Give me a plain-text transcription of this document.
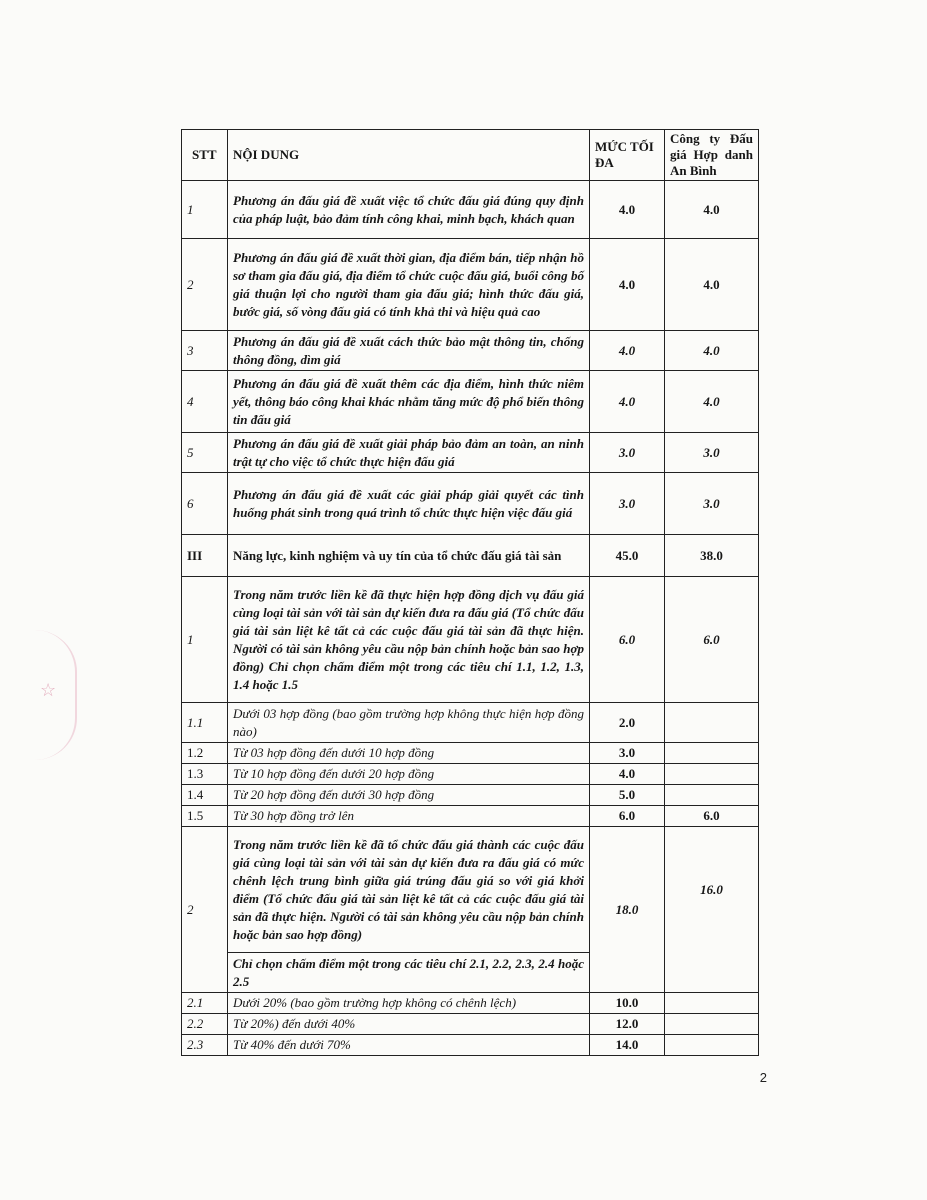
☆
STT	NỘI DUNG	MỨC TỐI ĐA	Công ty Đấu giá Hợp danh An Bình
1	Phương án đấu giá đề xuất việc tổ chức đấu giá đúng quy định của pháp luật, bảo đảm tính công khai, minh bạch, khách quan	4.0	4.0
2	Phương án đấu giá đề xuất thời gian, địa điểm bán, tiếp nhận hồ sơ tham gia đấu giá, địa điểm tổ chức cuộc đấu giá, buổi công bố giá thuận lợi cho người tham gia đấu giá; hình thức đấu giá, bước giá, số vòng đấu giá có tính khả thi và hiệu quả cao	4.0	4.0
3	Phương án đấu giá đề xuất cách thức bảo mật thông tin, chống thông đồng, dìm giá	4.0	4.0
4	Phương án đấu giá đề xuất thêm các địa điểm, hình thức niêm yết, thông báo công khai khác nhằm tăng mức độ phổ biến thông tin đấu giá	4.0	4.0
5	Phương án đấu giá đề xuất giải pháp bảo đảm an toàn, an ninh trật tự cho việc tổ chức thực hiện đấu giá	3.0	3.0
6	Phương án đấu giá đề xuất các giải pháp giải quyết các tình huống phát sinh trong quá trình tổ chức thực hiện việc đấu giá	3.0	3.0
III	Năng lực, kinh nghiệm và uy tín của tổ chức đấu giá tài sản	45.0	38.0
1	Trong năm trước liền kề đã thực hiện hợp đồng dịch vụ đấu giá cùng loại tài sản với tài sản dự kiến đưa ra đấu giá (Tổ chức đấu giá tài sản liệt kê tất cả các cuộc đấu giá tài sản đã thực hiện. Người có tài sản không yêu cầu nộp bản chính hoặc bản sao hợp đồng) Chỉ chọn chấm điểm một trong các tiêu chí 1.1, 1.2, 1.3, 1.4 hoặc 1.5	6.0	6.0
1.1	Dưới 03 hợp đồng (bao gồm trường hợp không thực hiện hợp đồng nào)	2.0	
1.2	Từ 03 hợp đồng đến dưới 10 hợp đồng	3.0	
1.3	Từ 10 hợp đồng đến dưới 20 hợp đồng	4.0	
1.4	Từ 20 hợp đồng đến dưới 30 hợp đồng	5.0	
1.5	Từ 30 hợp đồng trở lên	6.0	6.0
2	Trong năm trước liền kề đã tổ chức đấu giá thành các cuộc đấu giá cùng loại tài sản với tài sản dự kiến đưa ra đấu giá có mức chênh lệch trung bình giữa giá trúng đấu giá so với giá khởi điểm (Tổ chức đấu giá tài sản liệt kê tất cả các cuộc đấu giá tài sản đã thực hiện. Người có tài sản không yêu cầu nộp bản chính hoặc bản sao hợp đồng)	18.0	16.0
	Chỉ chọn chấm điểm một trong các tiêu chí 2.1, 2.2, 2.3, 2.4 hoặc 2.5		
2.1	Dưới 20% (bao gồm trường hợp không có chênh lệch)	10.0	
2.2	Từ 20%) đến dưới 40%	12.0	
2.3	Từ 40% đến dưới 70%	14.0	
2
